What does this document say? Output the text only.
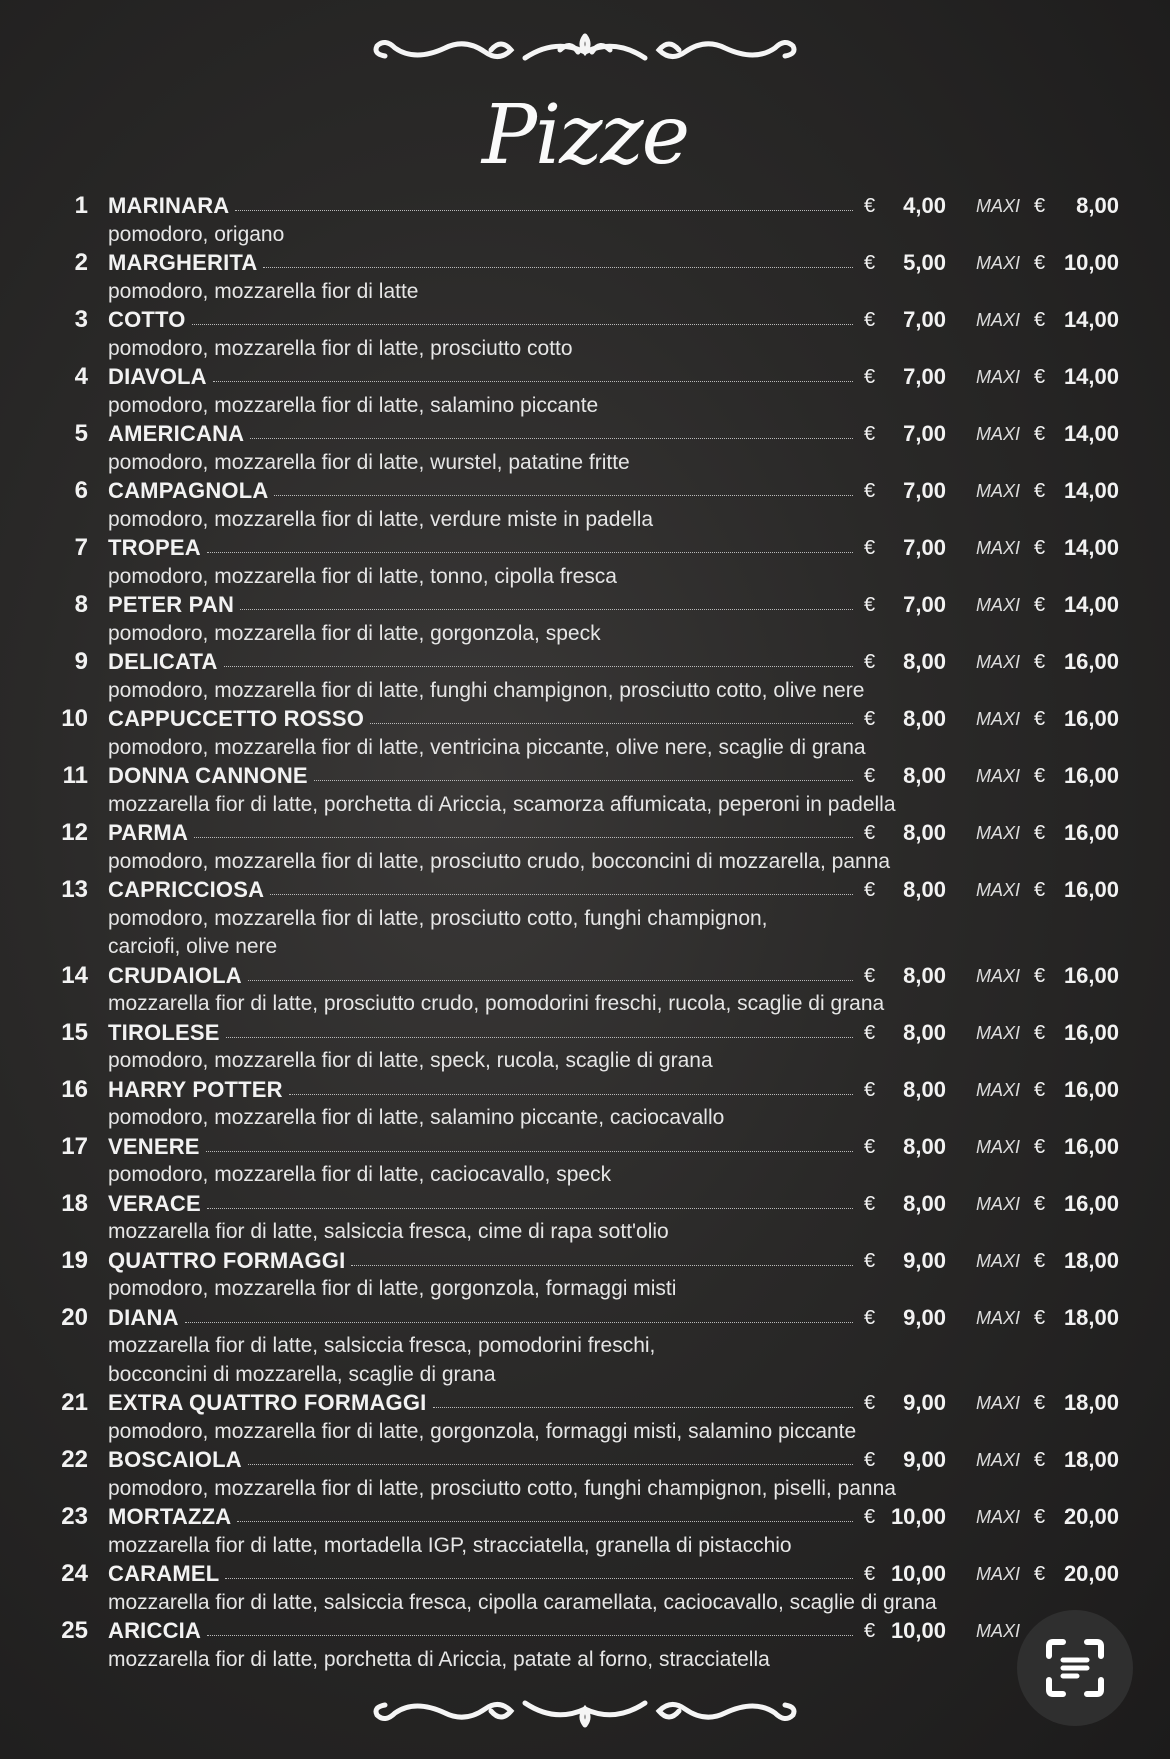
Pizze
1 MARINARA	€	4,00 MAXI €	8,00
pomodoro, origano
2 MARGHERITA	€	5,00 MAXI € 10,00
pomodoro, mozzarella fior di latte
3 COTTO	€	7,00 MAXI € 14,00
pomodoro, mozzarella fior di latte, prosciutto cotto
4 DIAVOLA	€	7,00 MAXI € 14,00
pomodoro, mozzarella fior di latte, salamino piccante
5 AMERICANA	€	7,00 MAXI € 14,00
pomodoro, mozzarella fior di latte, wurstel, patatine fritte
6 CAMPAGNOLA	€	7,00 MAXI € 14,00
pomodoro, mozzarella fior di latte, verdure miste in padella
7 TROPEA	€	7,00 MAXI € 14,00
pomodoro, mozzarella fior di latte, tonno, cipolla fresca
8 PETER PAN	€	7,00 MAXI € 14,00
pomodoro, mozzarella fior di latte, gorgonzola, speck
9 DELICATA	€	8,00 MAXI € 16,00
pomodoro, mozzarella fior di latte, funghi champignon, prosciutto cotto, olive nere
10 CAPPUCCETTO ROSSO	€	8,00 MAXI € 16,00
pomodoro, mozzarella fior di latte, ventricina piccante, olive nere, scaglie di grana
11 DONNA CANNONE	€	8,00 MAXI € 16,00
mozzarella fior di latte, porchetta di Ariccia, scamorza affumicata, peperoni in padella
12 PARMA	€	8,00 MAXI € 16,00
pomodoro, mozzarella fior di latte, prosciutto crudo, bocconcini di mozzarella, panna
13 CAPRICCIOSA	€	8,00 MAXI € 16,00
pomodoro, mozzarella fior di latte, prosciutto cotto, funghi champignon,
carciofi, olive nere
14 CRUDAIOLA	€	8,00 MAXI € 16,00
mozzarella fior di latte, prosciutto crudo, pomodorini freschi, rucola, scaglie di grana
15 TIROLESE	€	8,00 MAXI € 16,00
pomodoro, mozzarella fior di latte, speck, rucola, scaglie di grana
16 HARRY POTTER	€	8,00 MAXI € 16,00
pomodoro, mozzarella fior di latte, salamino piccante, caciocavallo
17 VENERE	€	8,00 MAXI € 16,00
pomodoro, mozzarella fior di latte, caciocavallo, speck
18 VERACE	€	8,00 MAXI € 16,00
mozzarella fior di latte, salsiccia fresca, cime di rapa sott'olio
19 QUATTRO FORMAGGI	€	9,00 MAXI € 18,00
pomodoro, mozzarella fior di latte, gorgonzola, formaggi misti
20 DIANA	€	9,00 MAXI € 18,00
mozzarella fior di latte, salsiccia fresca, pomodorini freschi,
bocconcini di mozzarella, scaglie di grana
21 EXTRA QUATTRO FORMAGGI	€	9,00 MAXI € 18,00
pomodoro, mozzarella fior di latte, gorgonzola, formaggi misti, salamino piccante
22 BOSCAIOLA	€	9,00 MAXI € 18,00
pomodoro, mozzarella fior di latte, prosciutto cotto, funghi champignon, piselli, panna
23 MORTAZZA	€ 10,00 MAXI € 20,00
mozzarella fior di latte, mortadella IGP, stracciatella, granella di pistacchio
24 CARAMEL	€ 10,00 MAXI € 20,00
mozzarella fior di latte, salsiccia fresca, cipolla caramellata, caciocavallo, scaglie di grana
25 ARICCIA	€ 10,00 MAXI
mozzarella fior di latte, porchetta di Ariccia, patate al forno, stracciatella
